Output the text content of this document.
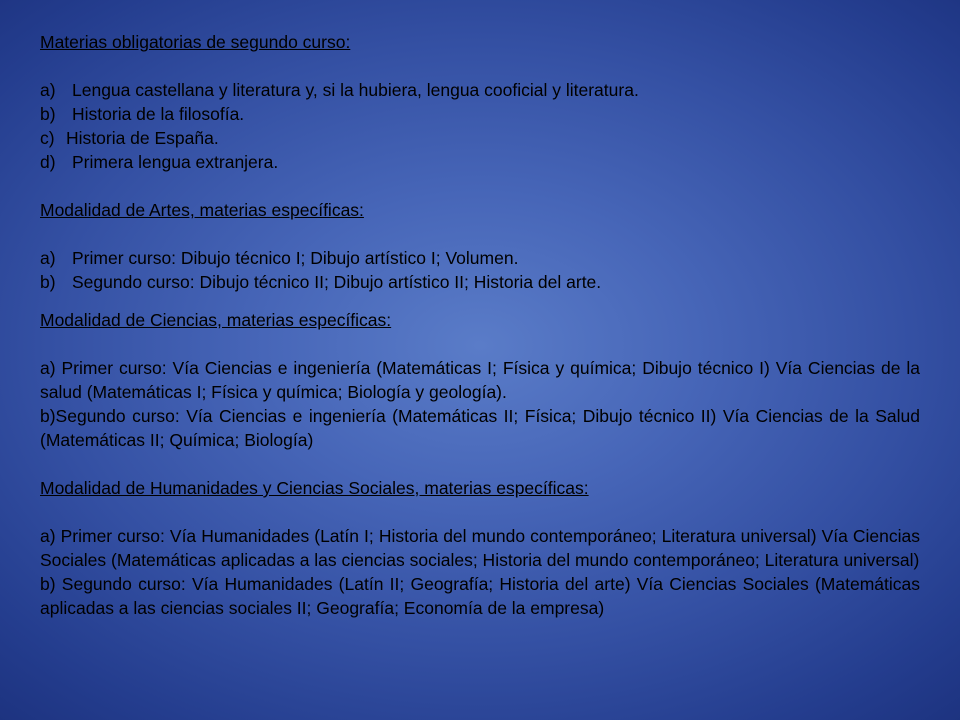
Materias obligatorias de segundo curso:

a) Lengua castellana y literatura y, si la hubiera, lengua cooficial y literatura.
b) Historia de la filosofía.
c) Historia de España.
d) Primera lengua extranjera.

Modalidad de Artes, materias específicas:

a) Primer curso: Dibujo técnico I; Dibujo artístico I; Volumen.
b) Segundo curso: Dibujo técnico II; Dibujo artístico II; Historia del arte.

Modalidad de Ciencias, materias específicas:

a) Primer curso: Vía Ciencias e ingeniería (Matemáticas I; Física y química; Dibujo técnico I) Vía Ciencias de la salud (Matemáticas I; Física y química; Biología y geología).

b)Segundo curso: Vía Ciencias e ingeniería (Matemáticas II; Física; Dibujo técnico II) Vía Ciencias de la Salud (Matemáticas II; Química; Biología)

Modalidad de Humanidades y Ciencias Sociales, materias específicas:

a) Primer curso: Vía Humanidades (Latín I; Historia del mundo contemporáneo; Literatura universal) Vía Ciencias Sociales (Matemáticas aplicadas a las ciencias sociales; Historia del mundo contemporáneo; Literatura universal)

b) Segundo curso: Vía Humanidades (Latín II; Geografía; Historia del arte) Vía Ciencias Sociales (Matemáticas aplicadas a las ciencias sociales II; Geografía; Economía de la empresa)
